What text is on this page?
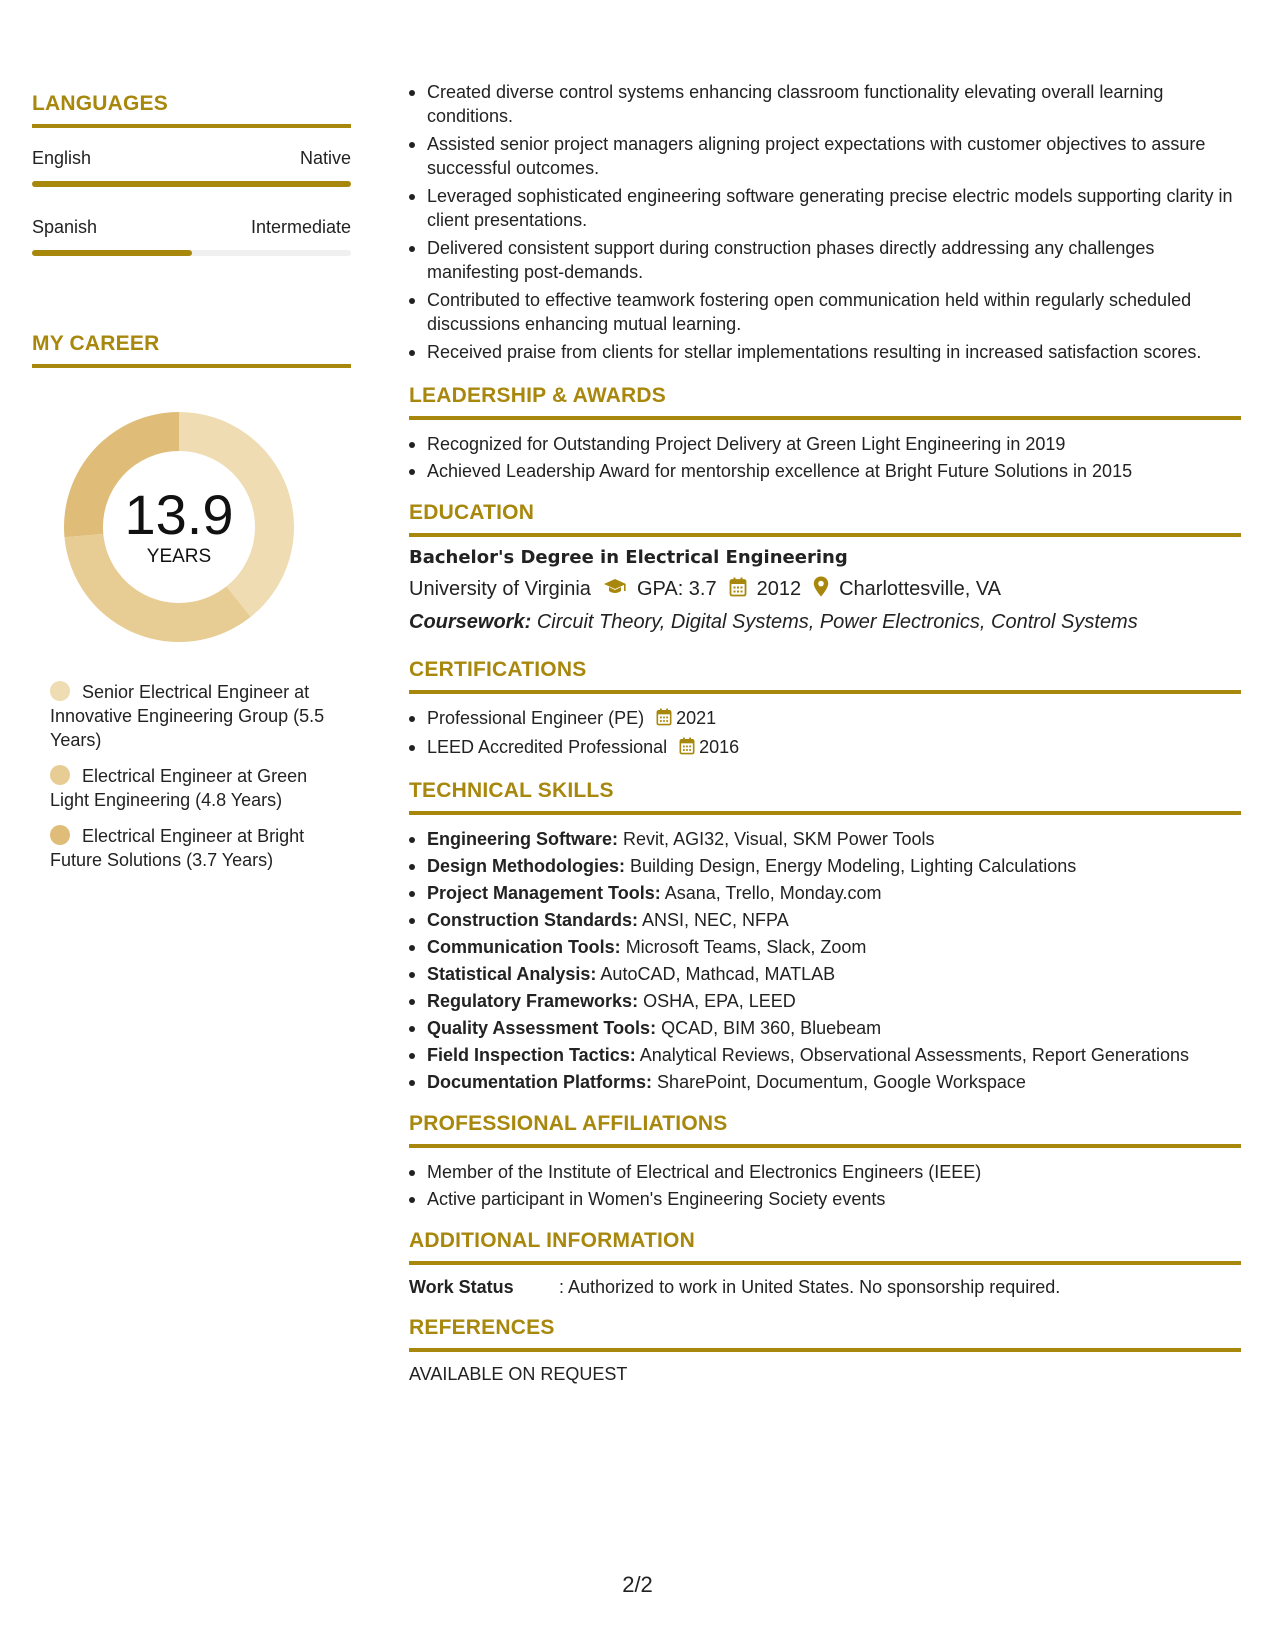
LANGUAGES
English	Native
Spanish	Intermediate
MY CAREER
13.9
YEARS
Senior Electrical Engineer at Innovative Engineering Group (5.5 Years)
Electrical Engineer at Green Light Engineering (4.8 Years)
Electrical Engineer at Bright Future Solutions (3.7 Years)
Created diverse control systems enhancing classroom functionality elevating overall learning conditions.
Assisted senior project managers aligning project expectations with customer objectives to assure successful outcomes.
Leveraged sophisticated engineering software generating precise electric models supporting clarity in client presentations.
Delivered consistent support during construction phases directly addressing any challenges manifesting post-demands.
Contributed to effective teamwork fostering open communication held within regularly scheduled discussions enhancing mutual learning.
Received praise from clients for stellar implementations resulting in increased satisfaction scores.
LEADERSHIP & AWARDS
Recognized for Outstanding Project Delivery at Green Light Engineering in 2019
Achieved Leadership Award for mentorship excellence at Bright Future Solutions in 2015
EDUCATION
Bachelor's Degree in Electrical Engineering
University of Virginia GPA: 3.7 2012 Charlottesville, VA
Coursework: Circuit Theory, Digital Systems, Power Electronics, Control Systems
CERTIFICATIONS
Professional Engineer (PE) 2021
LEED Accredited Professional 2016
TECHNICAL SKILLS
Engineering Software: Revit, AGI32, Visual, SKM Power Tools
Design Methodologies: Building Design, Energy Modeling, Lighting Calculations
Project Management Tools: Asana, Trello, Monday.com
Construction Standards: ANSI, NEC, NFPA
Communication Tools: Microsoft Teams, Slack, Zoom
Statistical Analysis: AutoCAD, Mathcad, MATLAB
Regulatory Frameworks: OSHA, EPA, LEED
Quality Assessment Tools: QCAD, BIM 360, Bluebeam
Field Inspection Tactics: Analytical Reviews, Observational Assessments, Report Generations
Documentation Platforms: SharePoint, Documentum, Google Workspace
PROFESSIONAL AFFILIATIONS
Member of the Institute of Electrical and Electronics Engineers (IEEE)
Active participant in Women's Engineering Society events
ADDITIONAL INFORMATION
Work Status	: Authorized to work in United States. No sponsorship required.
REFERENCES
AVAILABLE ON REQUEST
2/2
